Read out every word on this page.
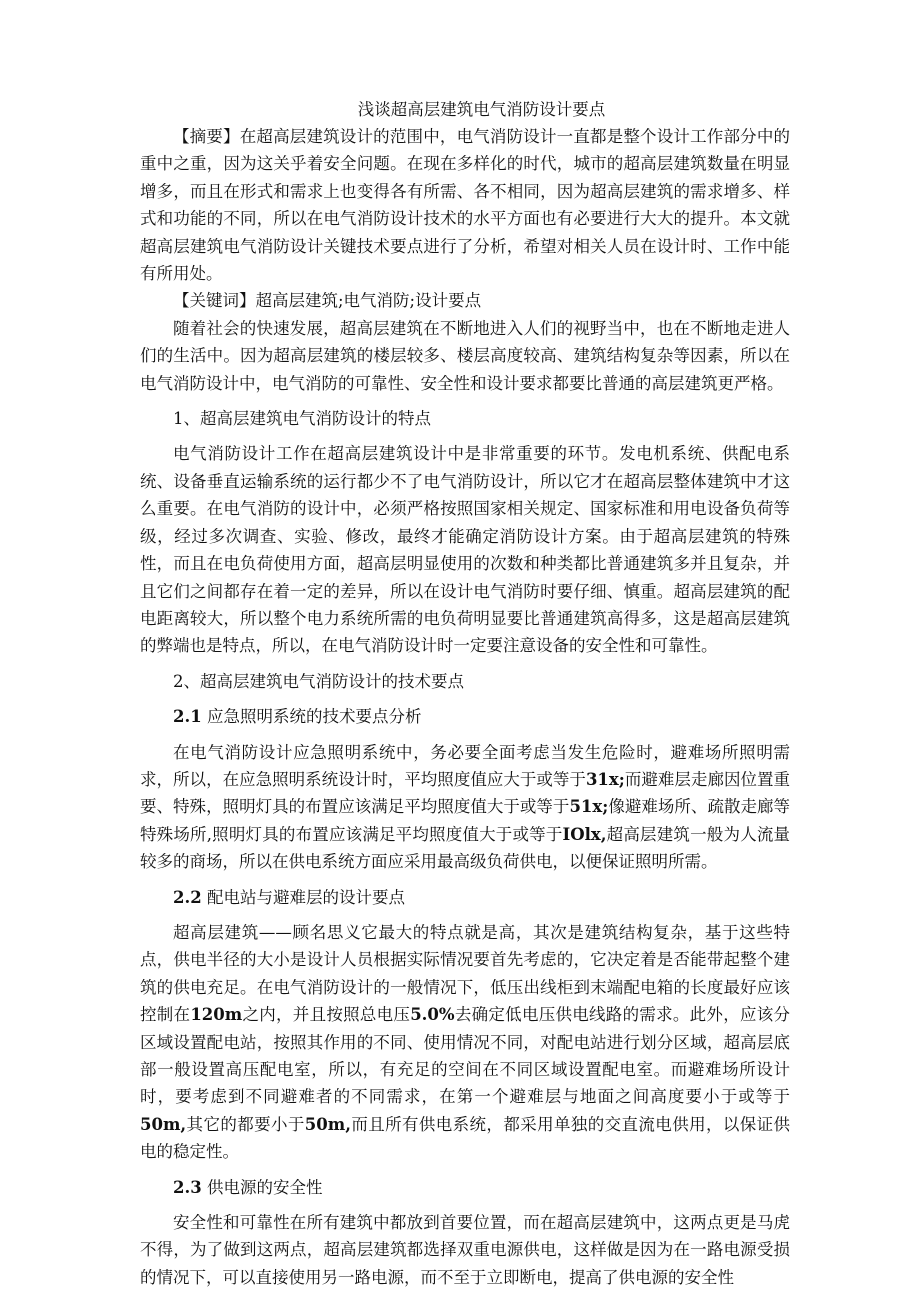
浅谈超高层建筑电气消防设计要点

【摘要】在超高层建筑设计的范围中，电气消防设计一直都是整个设计工作部分中的重中之重，因为这关乎着安全问题。在现在多样化的时代，城市的超高层建筑数量在明显增多，而且在形式和需求上也变得各有所需、各不相同，因为超高层建筑的需求增多、样式和功能的不同，所以在电气消防设计技术的水平方面也有必要进行大大的提升。本文就超高层建筑电气消防设计关键技术要点进行了分析，希望对相关人员在设计时、工作中能有所用处。

【关键词】超高层建筑;电气消防;设计要点

随着社会的快速发展，超高层建筑在不断地进入人们的视野当中，也在不断地走进人们的生活中。因为超高层建筑的楼层较多、楼层高度较高、建筑结构复杂等因素，所以在电气消防设计中，电气消防的可靠性、安全性和设计要求都要比普通的高层建筑更严格。

1、超高层建筑电气消防设计的特点

电气消防设计工作在超高层建筑设计中是非常重要的环节。发电机系统、供配电系统、设备垂直运输系统的运行都少不了电气消防设计，所以它才在超高层整体建筑中才这么重要。在电气消防的设计中，必须严格按照国家相关规定、国家标准和用电设备负荷等级，经过多次调查、实验、修改，最终才能确定消防设计方案。由于超高层建筑的特殊性，而且在电负荷使用方面，超高层明显使用的次数和种类都比普通建筑多并且复杂，并且它们之间都存在着一定的差异，所以在设计电气消防时要仔细、慎重。超高层建筑的配电距离较大，所以整个电力系统所需的电负荷明显要比普通建筑高得多，这是超高层建筑的弊端也是特点，所以，在电气消防设计时一定要注意设备的安全性和可靠性。

2、超高层建筑电气消防设计的技术要点

2.1 应急照明系统的技术要点分析

在电气消防设计应急照明系统中，务必要全面考虑当发生危险时，避难场所照明需求，所以，在应急照明系统设计时，平均照度值应大于或等于31x;而避难层走廊因位置重要、特殊，照明灯具的布置应该满足平均照度值大于或等于51x;像避难场所、疏散走廊等特殊场所,照明灯具的布置应该满足平均照度值大于或等于IOlx,超高层建筑一般为人流量较多的商场，所以在供电系统方面应采用最高级负荷供电，以便保证照明所需。

2.2 配电站与避难层的设计要点

超高层建筑——顾名思义它最大的特点就是高，其次是建筑结构复杂，基于这些特点，供电半径的大小是设计人员根据实际情况要首先考虑的，它决定着是否能带起整个建筑的供电充足。在电气消防设计的一般情况下，低压出线柜到末端配电箱的长度最好应该控制在120m之内，并且按照总电压5.0%去确定低电压供电线路的需求。此外，应该分区域设置配电站，按照其作用的不同、使用情况不同，对配电站进行划分区域，超高层底部一般设置高压配电室，所以，有充足的空间在不同区域设置配电室。而避难场所设计时，要考虑到不同避难者的不同需求，在第一个避难层与地面之间高度要小于或等于50m,其它的都要小于50m,而且所有供电系统，都采用单独的交直流电供用，以保证供电的稳定性。

2.3 供电源的安全性

安全性和可靠性在所有建筑中都放到首要位置，而在超高层建筑中，这两点更是马虎不得，为了做到这两点，超高层建筑都选择双重电源供电，这样做是因为在一路电源受损的情况下，可以直接使用另一路电源，而不至于立即断电，提高了供电源的安全性
